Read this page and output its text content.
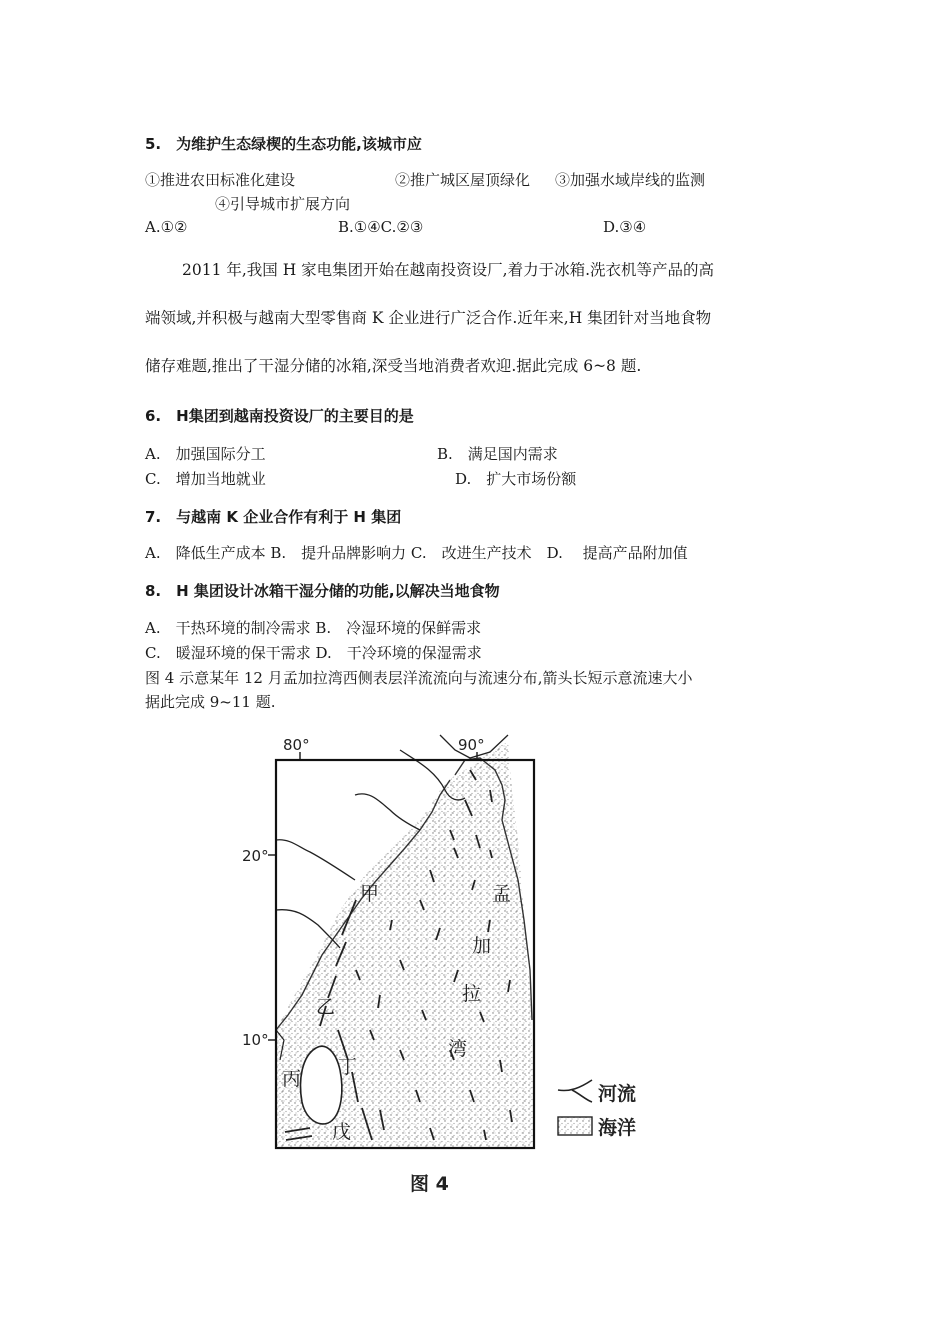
5.　为维护生态绿楔的生态功能,该城市应
①推进农田标准化建设	②推广城区屋顶绿化 ③加强水域岸线的监测
④引导城市扩展方向
A.①②	B.①④C.②③	D.③④
2011 年,我国 H 家电集团开始在越南投资设厂,着力于冰箱.洗衣机等产品的高
端领域,并积极与越南大型零售商 K 企业进行广泛合作.近年来,H 集团针对当地食物
储存难题,推出了干湿分储的冰箱,深受当地消费者欢迎.据此完成 6~8 题.
6.　H集团到越南投资设厂的主要目的是
A.　加强国际分工	B.　满足国内需求
C.　增加当地就业	D.　扩大市场份额
7.　与越南 K 企业合作有利于 H 集团
A.　降低生产成本 B.　提升品牌影响力 C.　改进生产技术　D.　 提高产品附加值
8.　H 集团设计冰箱干湿分储的功能,以解决当地食物
A.　干热环境的制冷需求 B.　冷湿环境的保鲜需求
C.　暖湿环境的保干需求 D.　干冷环境的保湿需求
图 4 示意某年 12 月孟加拉湾西侧表层洋流流向与流速分布,箭头长短示意流速大小
据此完成 9~11 题.
80°	90°
20°
10°
甲
乙
丙
丁
戊
孟
加
拉
湾
河流
海洋
图 4
